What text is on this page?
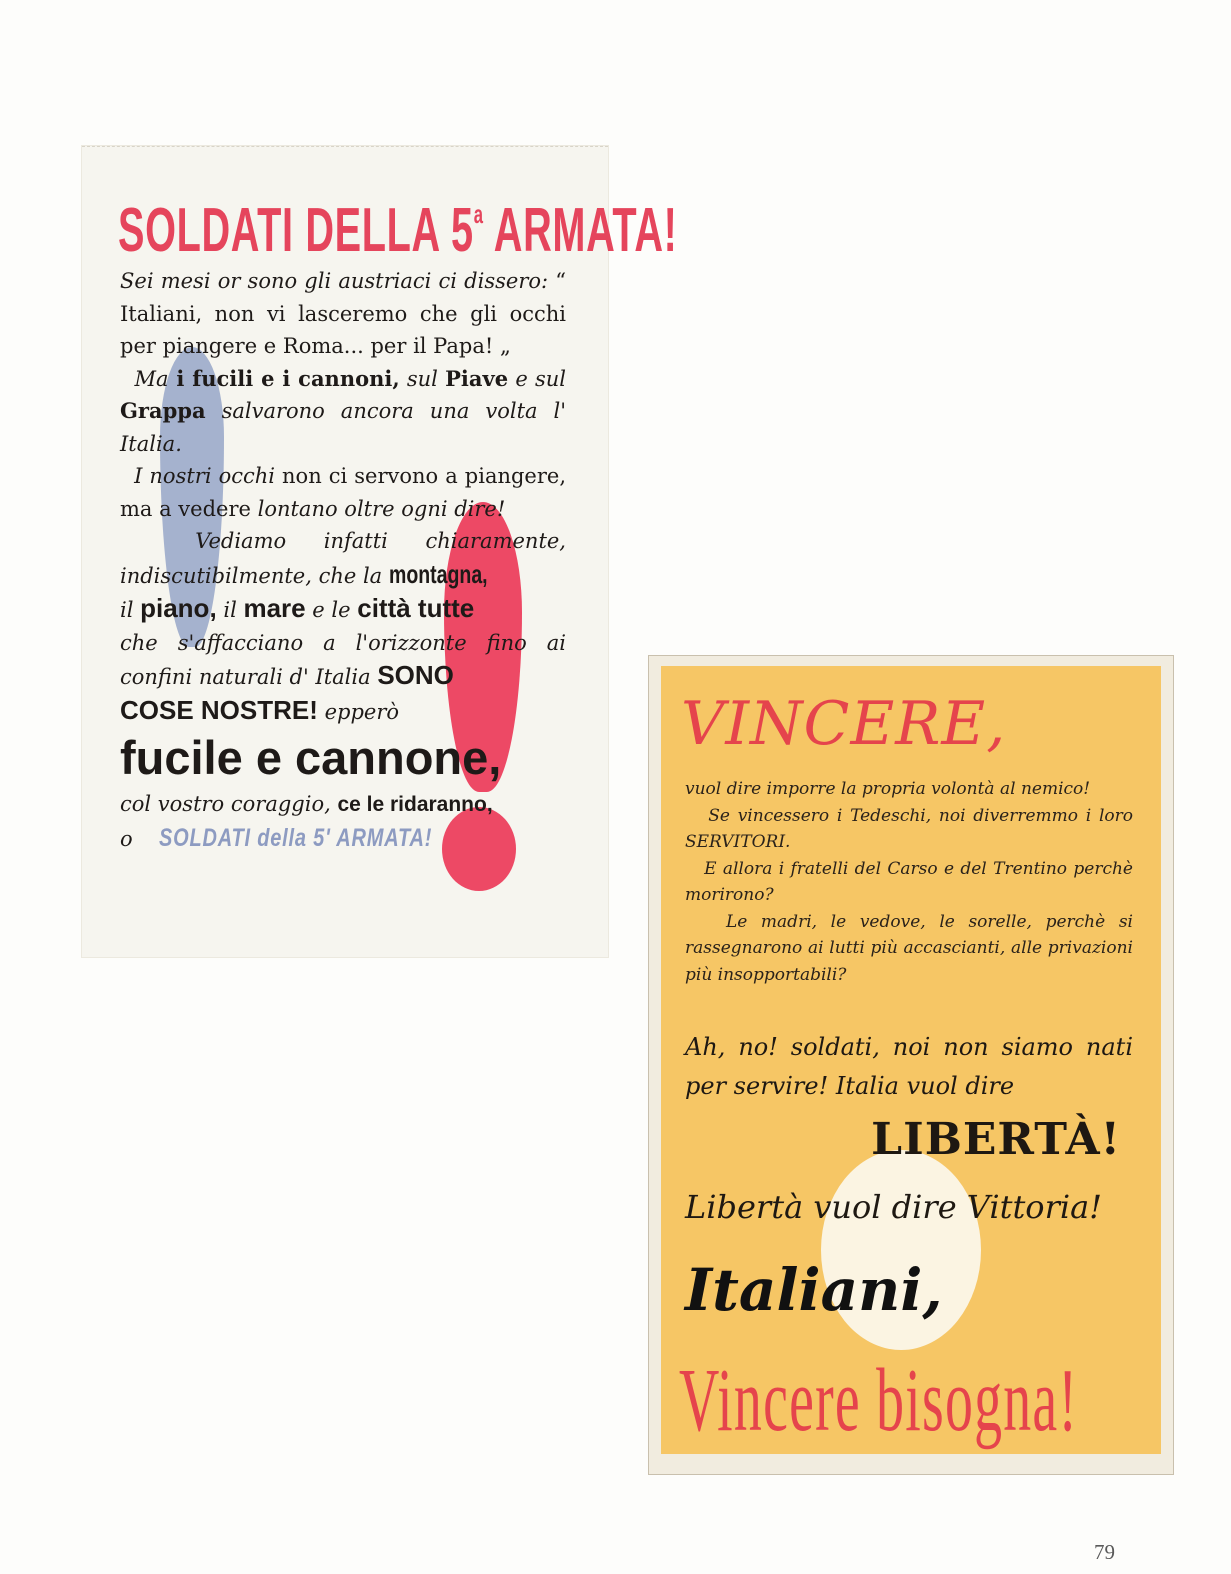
SOLDATI DELLA 5$^a$ ARMATA!

Sei mesi or sono gli austriaci ci dissero: “ Italiani, non vi lasceremo che gli occhi per piangere e Roma... per il Papa! „

Ma i fucili e i cannoni, sul Piave e sul Grappa salvarono ancora una volta l' Italia.

I nostri occhi non ci servono a piangere, ma a vedere lontano oltre ogni dire!

Vediamo infatti chiaramente, indiscutibilmente, che la montagna,

il piano, il mare e le città tutte

che s'affacciano a l'orizzonte fino ai confini naturali d' Italia SONO

COSE NOSTRE! epperò

fucile e cannone,

col vostro coraggio, ce le ridaranno,

o SOLDATI della 5' ARMATA!

VINCERE,

vuol dire imporre la propria volontà al nemico!

Se vincessero i Tedeschi, noi diverremmo i loro SERVITORI.

E allora i fratelli del Carso e del Trentino perchè morirono?

Le madri, le vedove, le sorelle, perchè si rassegnarono ai lutti più accascianti, alle privazioni più insopportabili?

Ah, no! soldati, noi non siamo nati per servire! Italia vuol dire

LIBERTÀ!
Libertà vuol dire Vittoria!
Italiani,
Vincere bisogna!
79
